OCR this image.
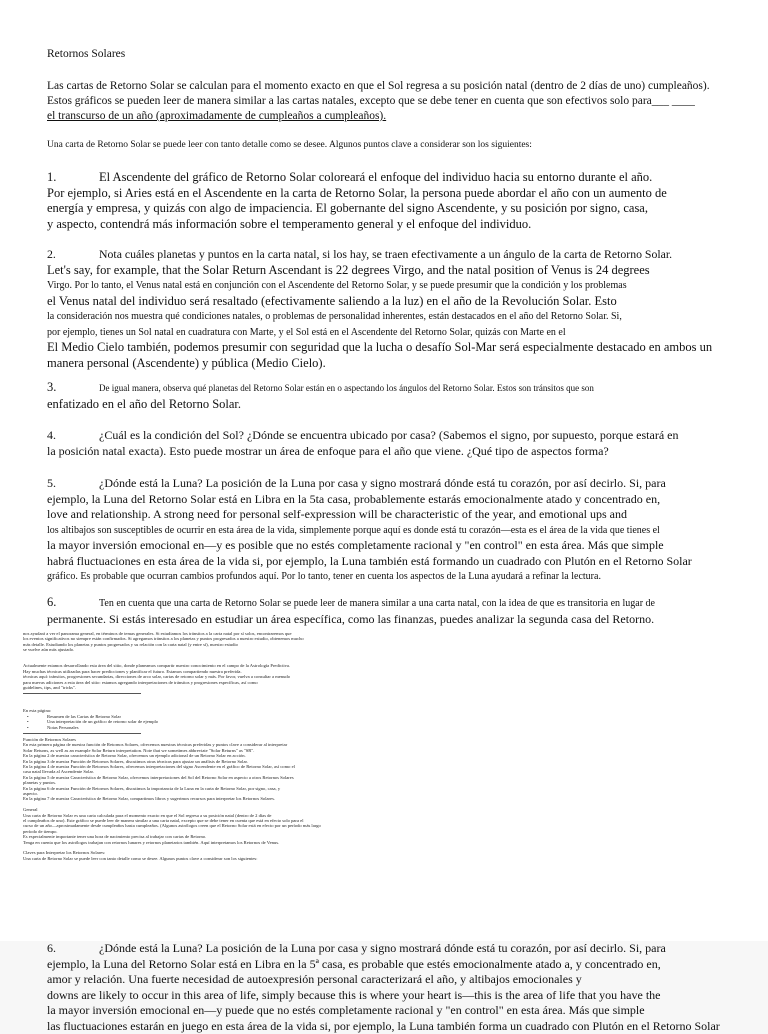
Retornos Solares
Las cartas de Retorno Solar se calculan para el momento exacto en que el Sol regresa a su posición natal (dentro de 2 días de uno) cumpleaños). Estos gráficos se pueden leer de manera similar a las cartas natales, excepto que se debe tener en cuenta que son efectivos solo para___ ____
el transcurso de un año (aproximadamente de cumpleaños a cumpleaños).
Una carta de Retorno Solar se puede leer con tanto detalle como se desee. Algunos puntos clave a considerar son los siguientes:
1.	El Ascendente del gráfico de Retorno Solar coloreará el enfoque del individuo hacia su entorno durante el año.
Por ejemplo, si Aries está en el Ascendente en la carta de Retorno Solar, la persona puede abordar el año con un aumento de
energía y empresa, y quizás con algo de impaciencia. El gobernante del signo Ascendente, y su posición por signo, casa,
y aspecto, contendrá más información sobre el temperamento general y el enfoque del individuo.
2.	Nota cuáles planetas y puntos en la carta natal, si los hay, se traen efectivamente a un ángulo de la carta de Retorno Solar.
Let's say, for example, that the Solar Return Ascendant is 22 degrees Virgo, and the natal position of Venus is 24 degrees
Virgo. Por lo tanto, el Venus natal está en conjunción con el Ascendente del Retorno Solar, y se puede presumir que la condición y los problemas
el Venus natal del individuo será resaltado (efectivamente saliendo a la luz) en el año de la Revolución Solar. Esto
la consideración nos muestra qué condiciones natales, o problemas de personalidad inherentes, están destacados en el año del Retorno Solar. Si,
por ejemplo, tienes un Sol natal en cuadratura con Marte, y el Sol está en el Ascendente del Retorno Solar, quizás con Marte en el
El Medio Cielo también, podemos presumir con seguridad que la lucha o desafío Sol-Mar será especialmente destacado en ambos un
manera personal (Ascendente) y pública (Medio Cielo).
3.	De igual manera, observa qué planetas del Retorno Solar están en o aspectando los ángulos del Retorno Solar. Estos son tránsitos que son
enfatizado en el año del Retorno Solar.
4.	¿Cuál es la condición del Sol? ¿Dónde se encuentra ubicado por casa? (Sabemos el signo, por supuesto, porque estará en
la posición natal exacta). Esto puede mostrar un área de enfoque para el año que viene. ¿Qué tipo de aspectos forma?
5.	¿Dónde está la Luna? La posición de la Luna por casa y signo mostrará dónde está tu corazón, por así decirlo. Si, para
ejemplo, la Luna del Retorno Solar está en Libra en la 5ta casa, probablemente estarás emocionalmente atado y concentrado en,
love and relationship. A strong need for personal self-expression will be characteristic of the year, and emotional ups and
los altibajos son susceptibles de ocurrir en esta área de la vida, simplemente porque aquí es donde está tu corazón—esta es el área de la vida que tienes el
la mayor inversión emocional en—y es posible que no estés completamente racional y "en control" en esta área. Más que simple
habrá fluctuaciones en esta área de la vida si, por ejemplo, la Luna también está formando un cuadrado con Plutón en el Retorno Solar
gráfico. Es probable que ocurran cambios profundos aquí. Por lo tanto, tener en cuenta los aspectos de la Luna ayudará a refinar la lectura.
6.	Ten en cuenta que una carta de Retorno Solar se puede leer de manera similar a una carta natal, con la idea de que es transitoria en lugar de
permanente. Si estás interesado en estudiar un área específica, como las finanzas, puedes analizar la segunda casa del Retorno.
nos ayudará a ver el panorama general, en términos de temas generales. Si estudiamos los tránsitos a la carta natal por sí solos, encontraremos que
los eventos significativos no siempre están confirmados. Si agregamos tránsitos a los planetas y puntos progresados a nuestro estudio, obtenemos mucho
más detalle. Estudiando los planetas y puntos progresados y su relación con la carta natal (y entre sí), nuestro estudio
se vuelve aún más ajustado.

Actualmente estamos desarrollando esta área del sitio, donde planeamos compartir nuestro conocimiento en el campo de la Astrología Predictiva.
Hay muchas técnicas utilizadas para hacer predicciones y planificar el futuro. Estamos compartiendo nuestra preferida.
técnicas aquí: tránsitos, progresiones secundarias, direcciones de arco solar, cartas de retorno solar y más. Por favor, vuelva a consultar a menudo
para nuevas adiciones a esta área del sitio: estamos agregando interpretaciones de tránsitos y progresiones específicas, así como
guidelines, tips, and "tricks".

En esta página:
•	Resumen de las Cartas de Retorno Solar
•	Una interpretación de un gráfico de retorno solar de ejemplo
•	Notas Personales
Función de Retornos Solares
En esta primera página de nuestra función de Retornos Solares, ofrecemos nuestras técnicas preferidas y puntos clave a considerar al interpretar
Solar Returns, as well as an example Solar Return interpretation. Note that we sometimes abbreviate "Solar Returns" as "SR".
En la página 2 de nuestra característica de Retorno Solar, ofrecemos un ejemplo adicional de un Retorno Solar en acción.
En la página 3 de nuestra Función de Retornos Solares, discutimos otras técnicas para ajustar un análisis de Retorno Solar.
En la página 4 de nuestra Función de Retornos Solares, ofrecemos interpretaciones del signo Ascendente en el gráfico de Retorno Solar, así como el
casa natal llevada al Ascendente Solar.
En la página 5 de nuestra Característica de Retorno Solar, ofrecemos interpretaciones del Sol del Retorno Solar en aspecto a otros Retornos Solares
planetas y puntos.
En la página 6 de nuestra Función de Retornos Solares, discutimos la importancia de la Luna en la carta de Retorno Solar, por signo, casa, y
aspecto.
En la página 7 de nuestra Característica de Retorno Solar, compartimos libros y sugerimos recursos para interpretar los Retornos Solares.

General
Una carta de Retorno Solar es una carta calculada para el momento exacto en que el Sol regresa a su posición natal (dentro de 2 días de
el cumpleaños de uno). Este gráfico se puede leer de manera similar a una carta natal, excepto que se debe tener en cuenta que está en efecto solo para el
curso de un año—aproximadamente desde cumpleaños hasta cumpleaños. (Algunos astrólogos creen que el Retorno Solar está en efecto por un período más largo
período de tiempo.
Es especialmente importante tener una hora de nacimiento precisa al trabajar con cartas de Retorno.
Tenga en cuenta que los astrólogos trabajan con retornos lunares y retornos planetarios también. Aquí interpretamos los Retornos de Venus.

Claves para Interpretar los Retornos Solares:
Una carta de Retorno Solar se puede leer con tanto detalle como se desee. Algunos puntos clave a considerar son los siguientes:
6.	¿Dónde está la Luna? La posición de la Luna por casa y signo mostrará dónde está tu corazón, por así decirlo. Si, para
ejemplo, la Luna del Retorno Solar está en Libra en la 5ª casa, es probable que estés emocionalmente atado a, y concentrado en,
amor y relación. Una fuerte necesidad de autoexpresión personal caracterizará el año, y altibajos emocionales y
downs are likely to occur in this area of life, simply because this is where your heart is—this is the area of life that you have the
la mayor inversión emocional en—y puede que no estés completamente racional y "en control" en esta área. Más que simple
las fluctuaciones estarán en juego en esta área de la vida si, por ejemplo, la Luna también forma un cuadrado con Plutón en el Retorno Solar
